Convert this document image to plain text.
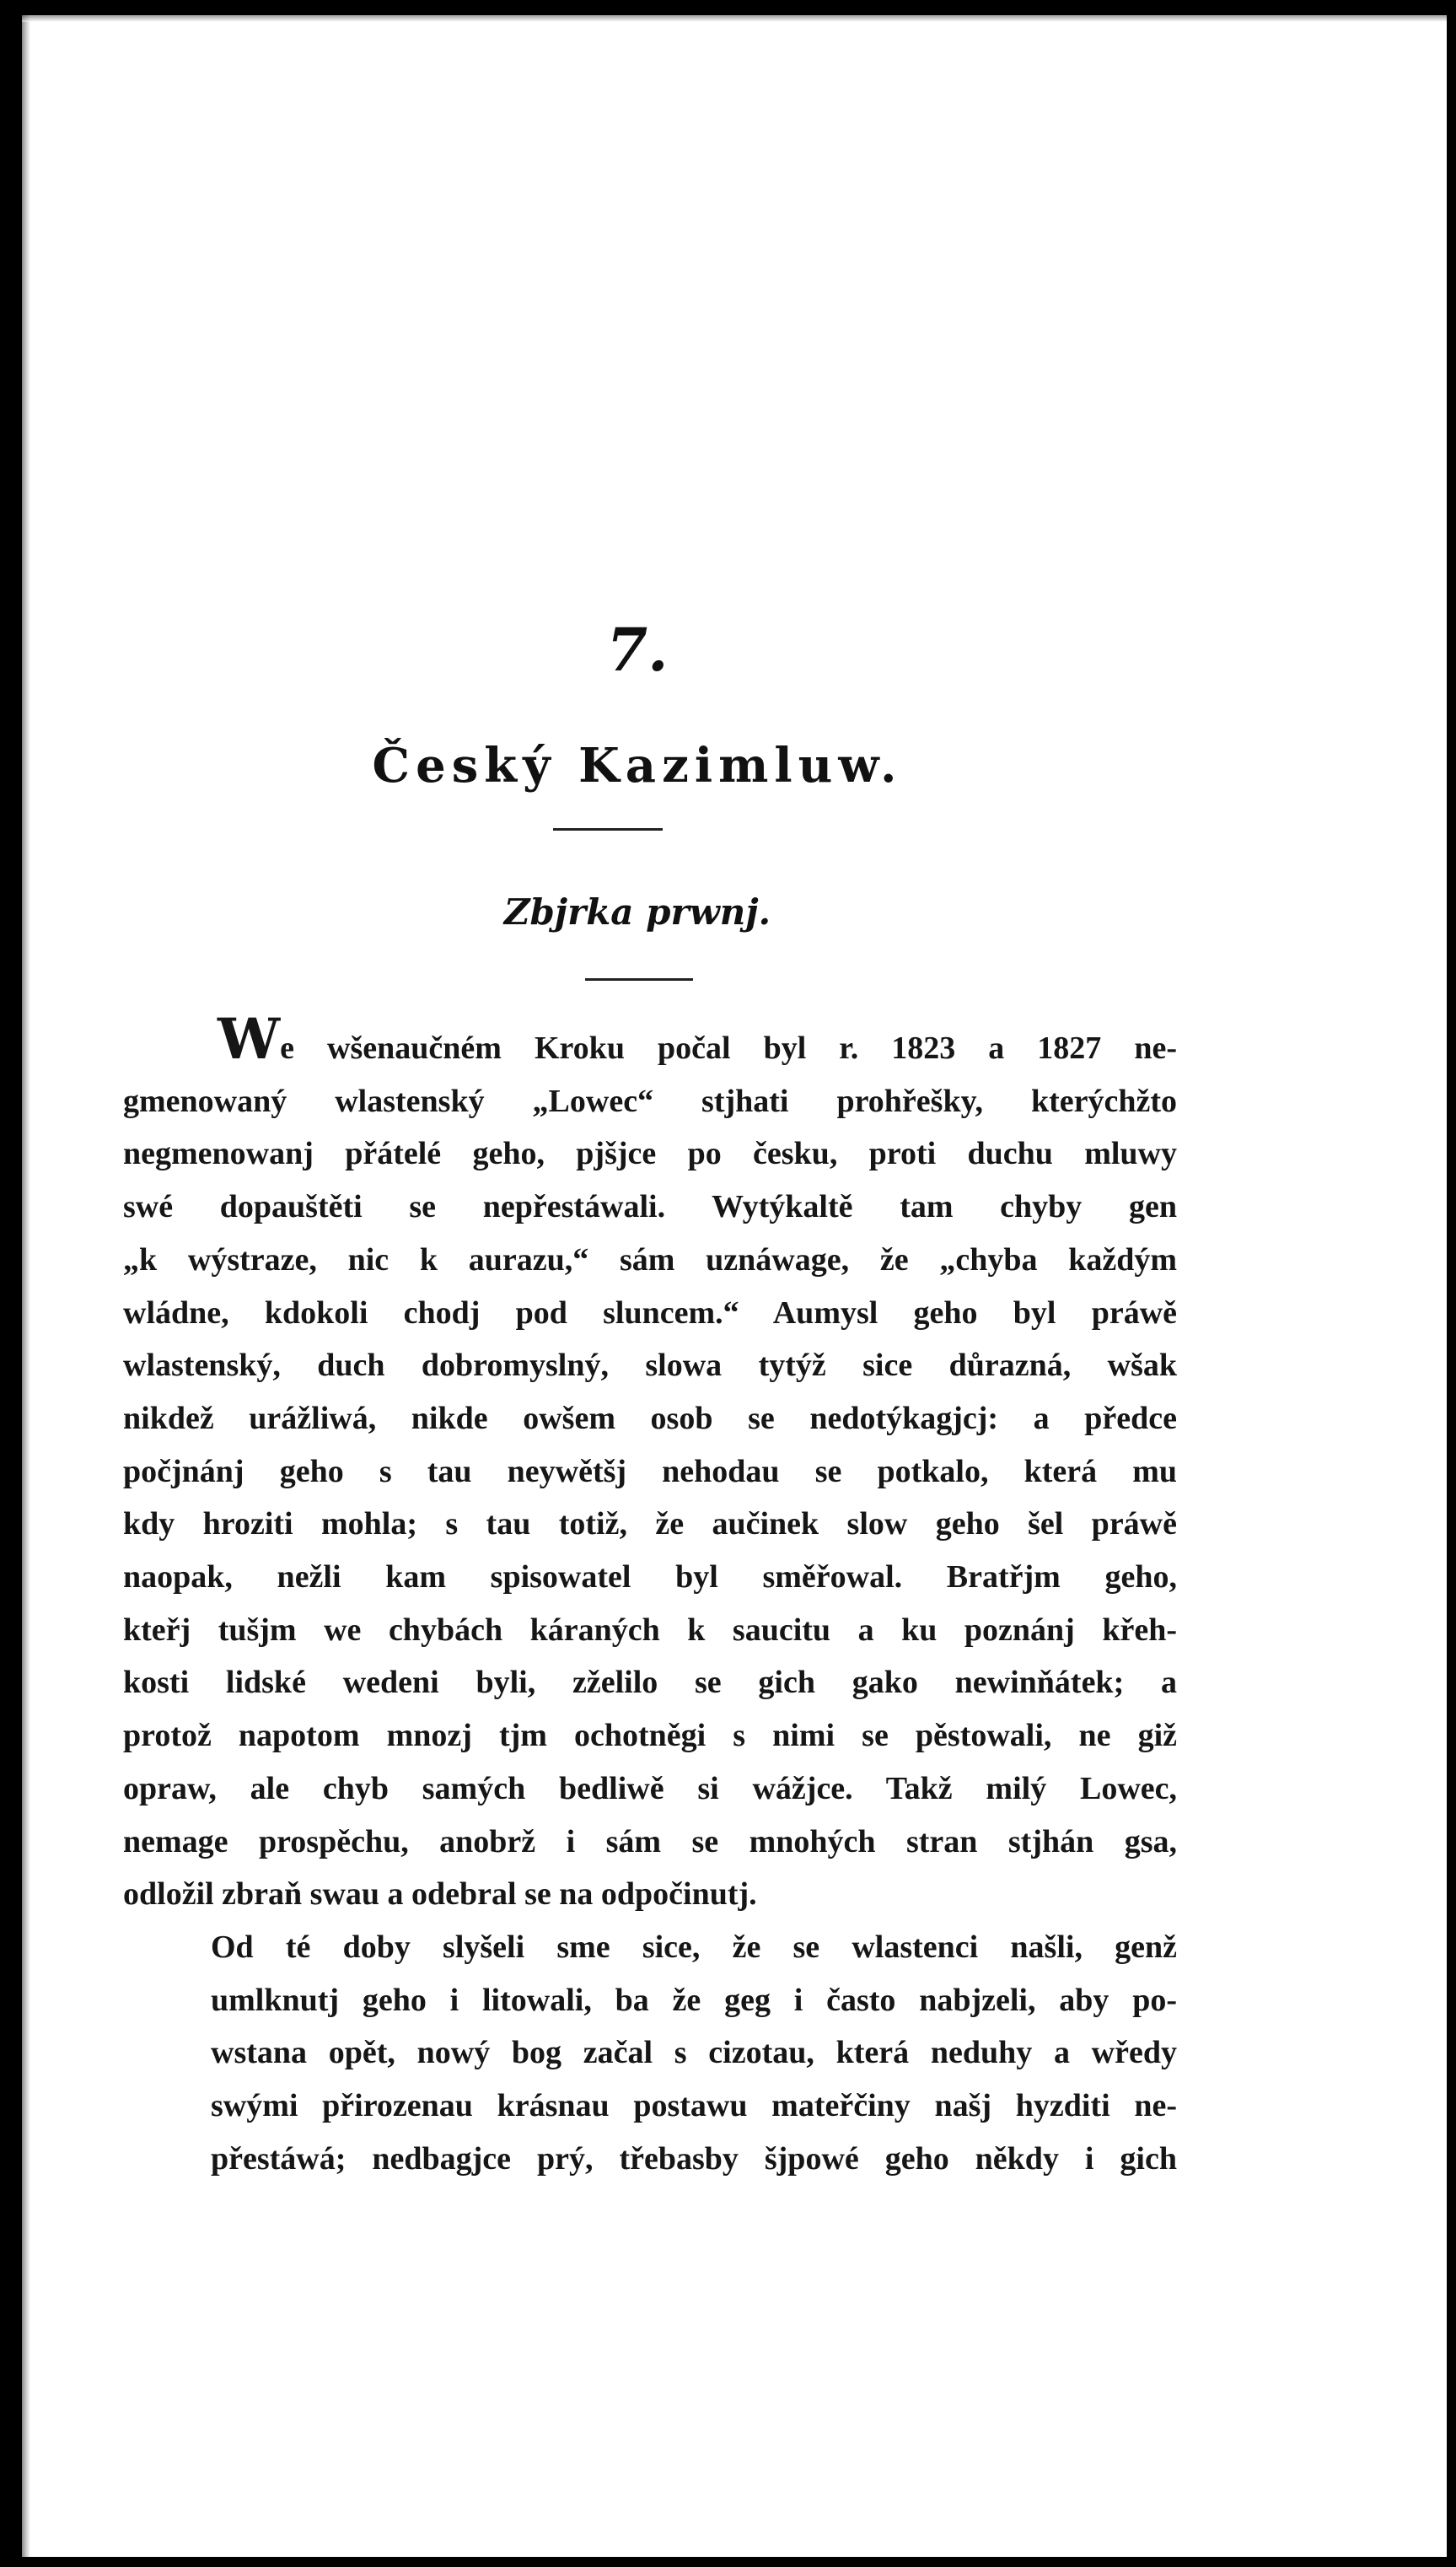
7.
Český Kazimluw.
Zbjrka prwnj.
We wšenaučném Kroku počal byl r. 1823 a 1827 ne-
gmenowaný wlastenský „Lowec“ stjhati prohřešky, kterýchžto
negmenowanj přátelé geho, pjšjce po česku, proti duchu mluwy
swé dopauštěti se nepřestáwali. Wytýkaltě tam chyby gen
„k wýstraze, nic k aurazu,“ sám uznáwage, že „chyba každým
wládne, kdokoli chodj pod sluncem.“ Aumysl geho byl práwě
wlastenský, duch dobromyslný, slowa tytýž sice důrazná, wšak
nikdež urážliwá, nikde owšem osob se nedotýkagjcj: a předce
počjnánj geho s tau neywětšj nehodau se potkalo, která mu
kdy hroziti mohla; s tau totiž, že aučinek slow geho šel práwě
naopak, nežli kam spisowatel byl směřowal. Bratřjm geho,
kteřj tušjm we chybách káraných k saucitu a ku poznánj křeh-
kosti lidské wedeni byli, zželilo se gich gako newinňátek; a
protož napotom mnozj tjm ochotněgi s nimi se pěstowali, ne giž
opraw, ale chyb samých bedliwě si wážjce. Takž milý Lowec,
nemage prospěchu, anobrž i sám se mnohých stran stjhán gsa,
odložil zbraň swau a odebral se na odpočinutj.
Od té doby slyšeli sme sice, že se wlastenci našli, genž
umlknutj geho i litowali, ba že geg i často nabjzeli, aby po-
wstana opět, nowý bog začal s cizotau, která neduhy a wředy
swými přirozenau krásnau postawu mateřčiny našj hyzditi ne-
přestáwá; nedbagjce prý, třebasby šjpowé geho někdy i gich
